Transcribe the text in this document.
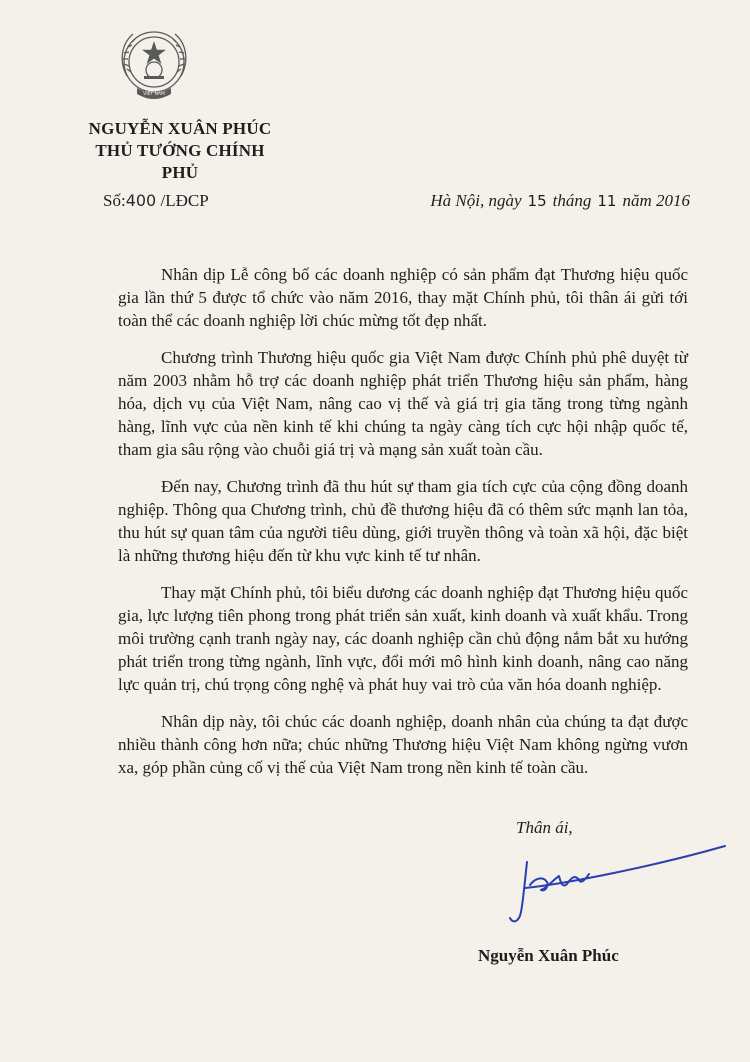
VIỆT NAM
NGUYỄN XUÂN PHÚC
THỦ TƯỚNG CHÍNH PHỦ
Số:400 /LĐCP	Hà Nội, ngày 15 tháng 11 năm 2016

Nhân dịp Lễ công bố các doanh nghiệp có sản phẩm đạt Thương hiệu quốc gia lần thứ 5 được tổ chức vào năm 2016, thay mặt Chính phủ, tôi thân ái gửi tới toàn thể các doanh nghiệp lời chúc mừng tốt đẹp nhất.

Chương trình Thương hiệu quốc gia Việt Nam được Chính phủ phê duyệt từ năm 2003 nhằm hỗ trợ các doanh nghiệp phát triển Thương hiệu sản phẩm, hàng hóa, dịch vụ của Việt Nam, nâng cao vị thế và giá trị gia tăng trong từng ngành hàng, lĩnh vực của nền kinh tế khi chúng ta ngày càng tích cực hội nhập quốc tế, tham gia sâu rộng vào chuỗi giá trị và mạng sản xuất toàn cầu.

Đến nay, Chương trình đã thu hút sự tham gia tích cực của cộng đồng doanh nghiệp. Thông qua Chương trình, chủ đề thương hiệu đã có thêm sức mạnh lan tỏa, thu hút sự quan tâm của người tiêu dùng, giới truyền thông và toàn xã hội, đặc biệt là những thương hiệu đến từ khu vực kinh tế tư nhân.

Thay mặt Chính phủ, tôi biểu dương các doanh nghiệp đạt Thương hiệu quốc gia, lực lượng tiên phong trong phát triển sản xuất, kinh doanh và xuất khẩu. Trong môi trường cạnh tranh ngày nay, các doanh nghiệp cần chủ động nắm bắt xu hướng phát triển trong từng ngành, lĩnh vực, đổi mới mô hình kinh doanh, nâng cao năng lực quản trị, chú trọng công nghệ và phát huy vai trò của văn hóa doanh nghiệp.

Nhân dịp này, tôi chúc các doanh nghiệp, doanh nhân của chúng ta đạt được nhiều thành công hơn nữa; chúc những Thương hiệu Việt Nam không ngừng vươn xa, góp phần củng cố vị thế của Việt Nam trong nền kinh tế toàn cầu.

Thân ái,
Nguyễn Xuân Phúc
